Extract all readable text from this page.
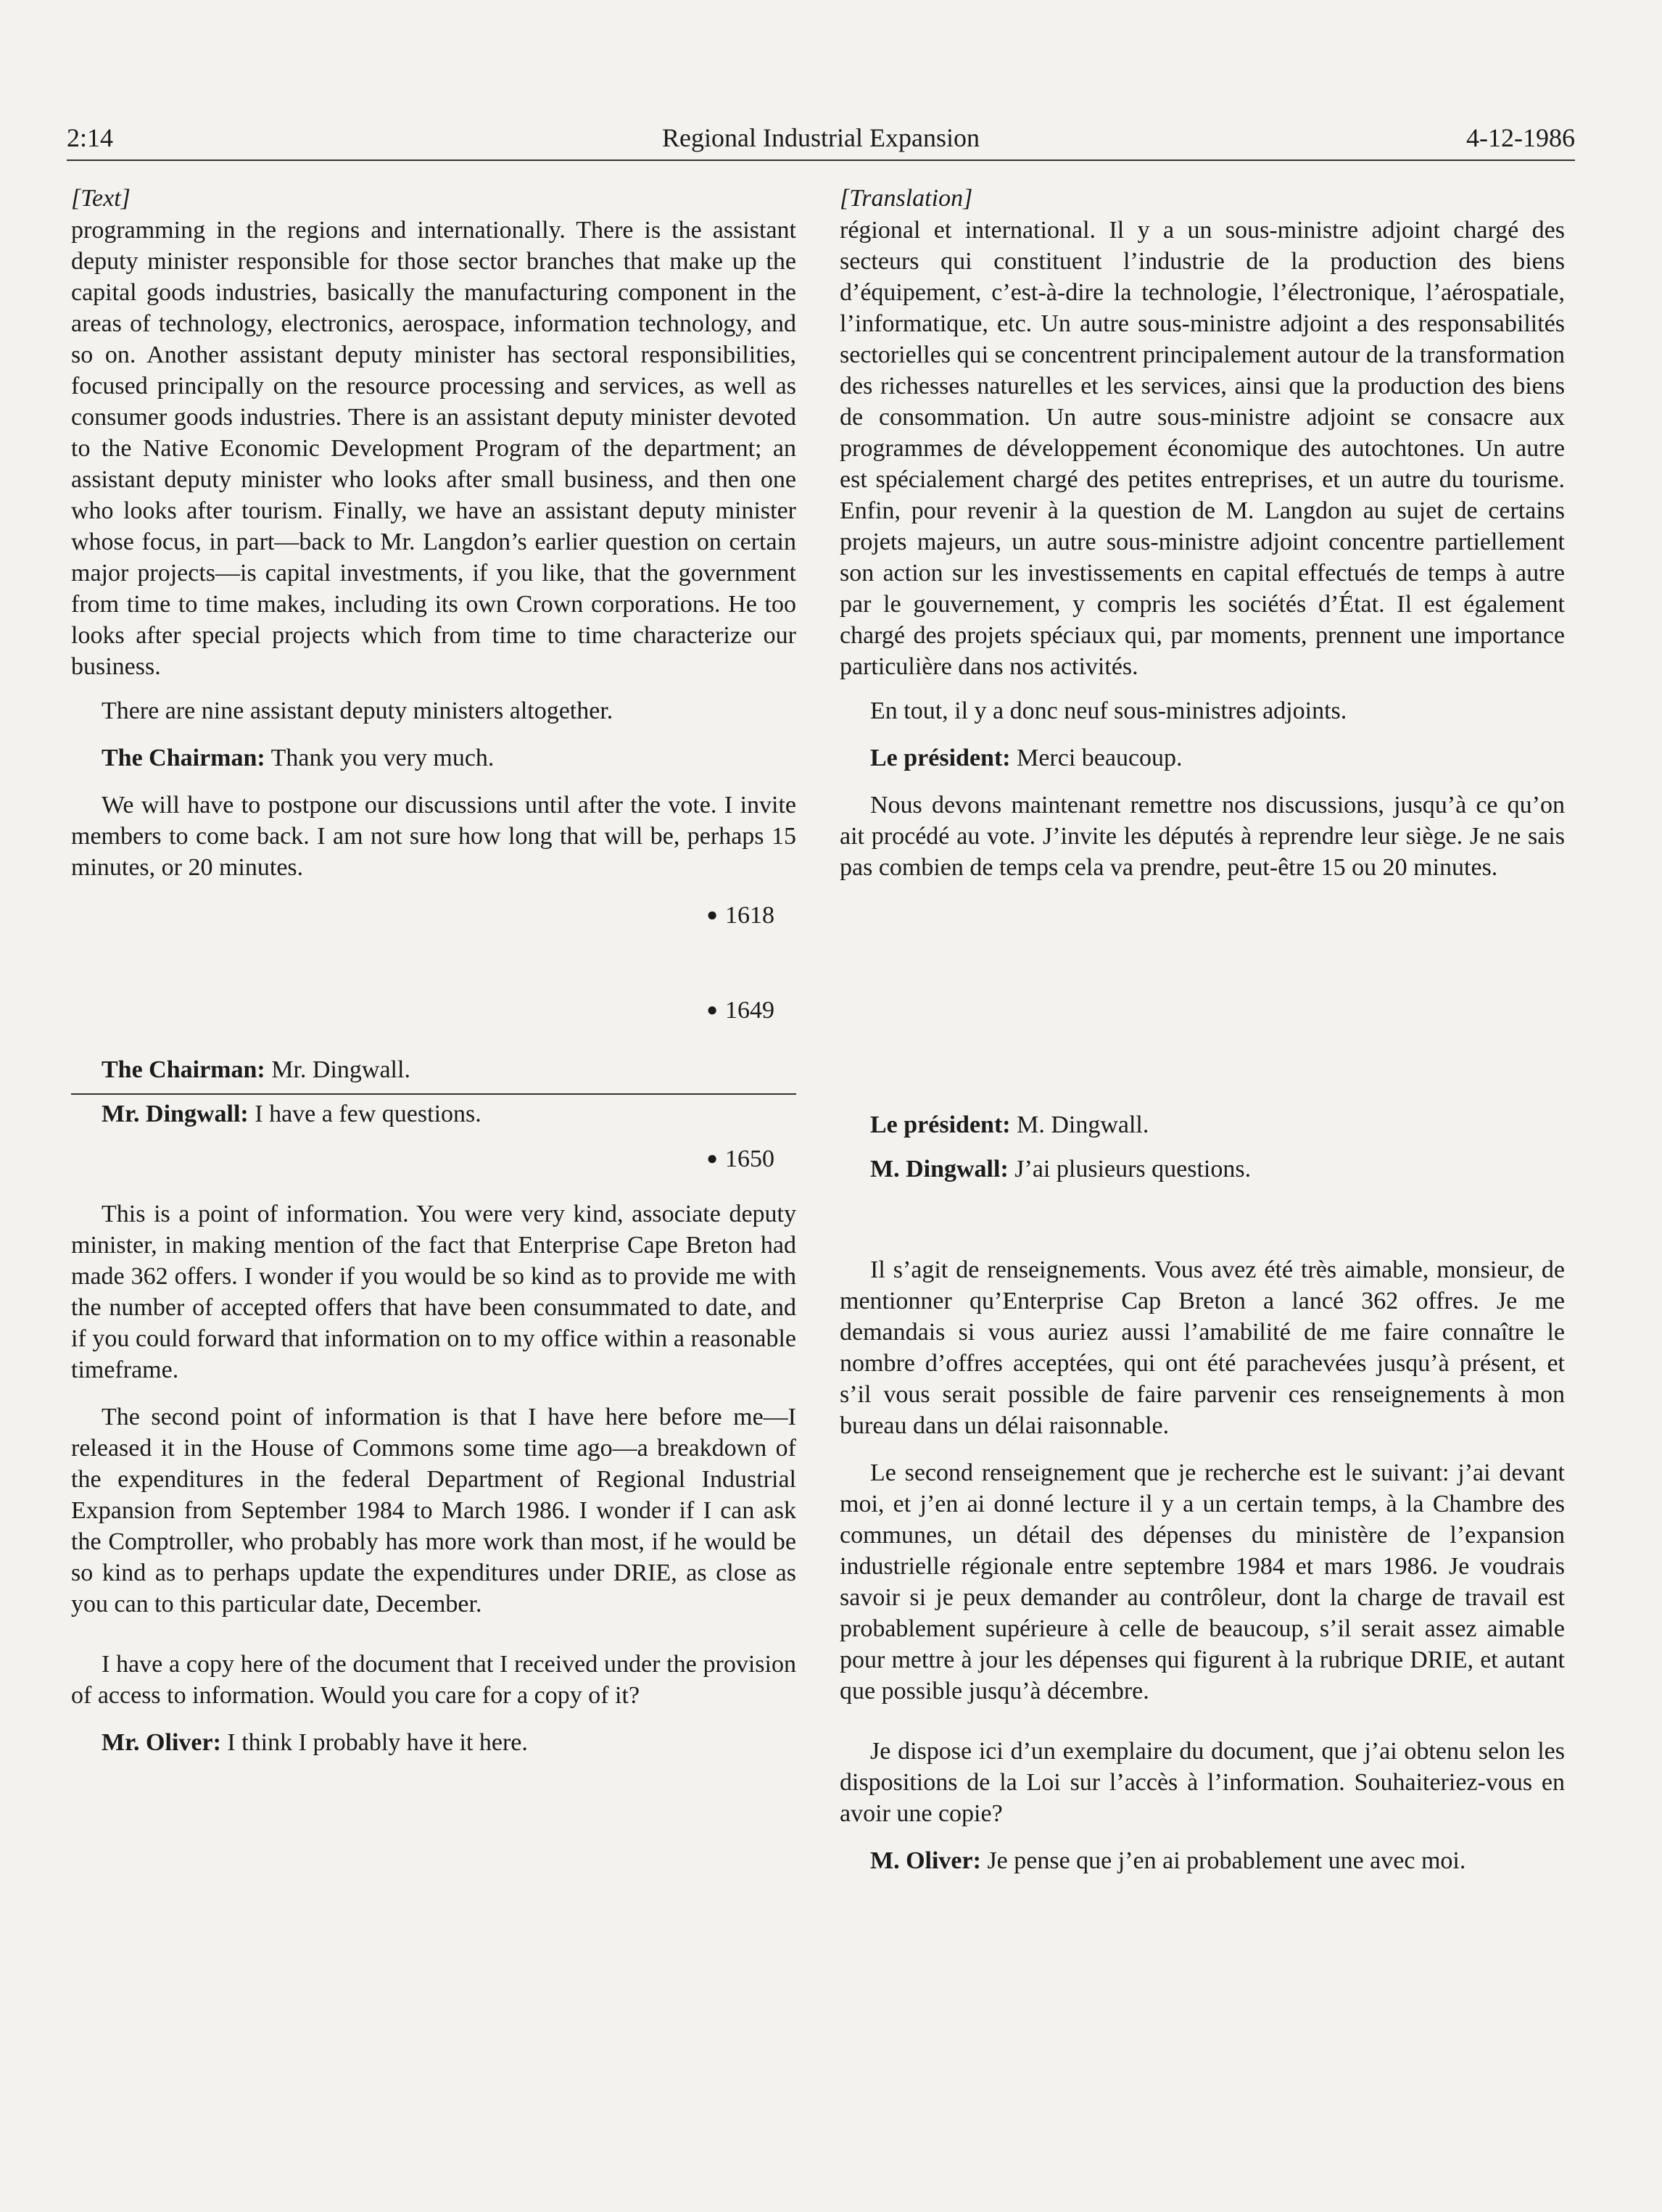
2:14	Regional Industrial Expansion	4-12-1986
[Text]

programming in the regions and internationally. There is the assistant deputy minister responsible for those sector branches that make up the capital goods industries, basically the manufacturing component in the areas of technology, electronics, aerospace, information technology, and so on. Another assistant deputy minister has sectoral responsibilities, focused principally on the resource processing and services, as well as consumer goods industries. There is an assistant deputy minister devoted to the Native Economic Development Program of the department; an assistant deputy minister who looks after small business, and then one who looks after tourism. Finally, we have an assistant deputy minister whose focus, in part—back to Mr. Langdon’s earlier question on certain major projects—is capital investments, if you like, that the government from time to time makes, including its own Crown corporations. He too looks after special projects which from time to time characterize our business.

There are nine assistant deputy ministers altogether.

The Chairman: Thank you very much.

We will have to postpone our discussions until after the vote. I invite members to come back. I am not sure how long that will be, perhaps 15 minutes, or 20 minutes.

● 1618
● 1649

The Chairman: Mr. Dingwall.

Mr. Dingwall: I have a few questions.

● 1650

This is a point of information. You were very kind, associate deputy minister, in making mention of the fact that Enterprise Cape Breton had made 362 offers. I wonder if you would be so kind as to provide me with the number of accepted offers that have been consummated to date, and if you could forward that information on to my office within a reasonable timeframe.

The second point of information is that I have here before me—I released it in the House of Commons some time ago—a breakdown of the expenditures in the federal Department of Regional Industrial Expansion from September 1984 to March 1986. I wonder if I can ask the Comptroller, who probably has more work than most, if he would be so kind as to perhaps update the expenditures under DRIE, as close as you can to this particular date, December.

I have a copy here of the document that I received under the provision of access to information. Would you care for a copy of it?

Mr. Oliver: I think I probably have it here.

[Translation]

régional et international. Il y a un sous-ministre adjoint chargé des secteurs qui constituent l’industrie de la production des biens d’équipement, c’est-à-dire la technologie, l’électronique, l’aérospatiale, l’informatique, etc. Un autre sous-ministre adjoint a des responsabilités sectorielles qui se concentrent principalement autour de la transformation des richesses naturelles et les services, ainsi que la production des biens de consommation. Un autre sous-ministre adjoint se consacre aux programmes de développement économique des autochtones. Un autre est spécialement chargé des petites entreprises, et un autre du tourisme. Enfin, pour revenir à la question de M. Langdon au sujet de certains projets majeurs, un autre sous-ministre adjoint concentre partiellement son action sur les investissements en capital effectués de temps à autre par le gouvernement, y compris les sociétés d’État. Il est également chargé des projets spéciaux qui, par moments, prennent une importance particulière dans nos activités.

En tout, il y a donc neuf sous-ministres adjoints.

Le président: Merci beaucoup.

Nous devons maintenant remettre nos discussions, jusqu’à ce qu’on ait procédé au vote. J’invite les députés à reprendre leur siège. Je ne sais pas combien de temps cela va prendre, peut-être 15 ou 20 minutes.

Le président: M. Dingwall.

M. Dingwall: J’ai plusieurs questions.

Il s’agit de renseignements. Vous avez été très aimable, monsieur, de mentionner qu’Enterprise Cap Breton a lancé 362 offres. Je me demandais si vous auriez aussi l’amabilité de me faire connaître le nombre d’offres acceptées, qui ont été parachevées jusqu’à présent, et s’il vous serait possible de faire parvenir ces renseignements à mon bureau dans un délai raisonnable.

Le second renseignement que je recherche est le suivant: j’ai devant moi, et j’en ai donné lecture il y a un certain temps, à la Chambre des communes, un détail des dépenses du ministère de l’expansion industrielle régionale entre septembre 1984 et mars 1986. Je voudrais savoir si je peux demander au contrôleur, dont la charge de travail est probablement supérieure à celle de beaucoup, s’il serait assez aimable pour mettre à jour les dépenses qui figurent à la rubrique DRIE, et autant que possible jusqu’à décembre.

Je dispose ici d’un exemplaire du document, que j’ai obtenu selon les dispositions de la Loi sur l’accès à l’information. Souhaiteriez-vous en avoir une copie?

M. Oliver: Je pense que j’en ai probablement une avec moi.
